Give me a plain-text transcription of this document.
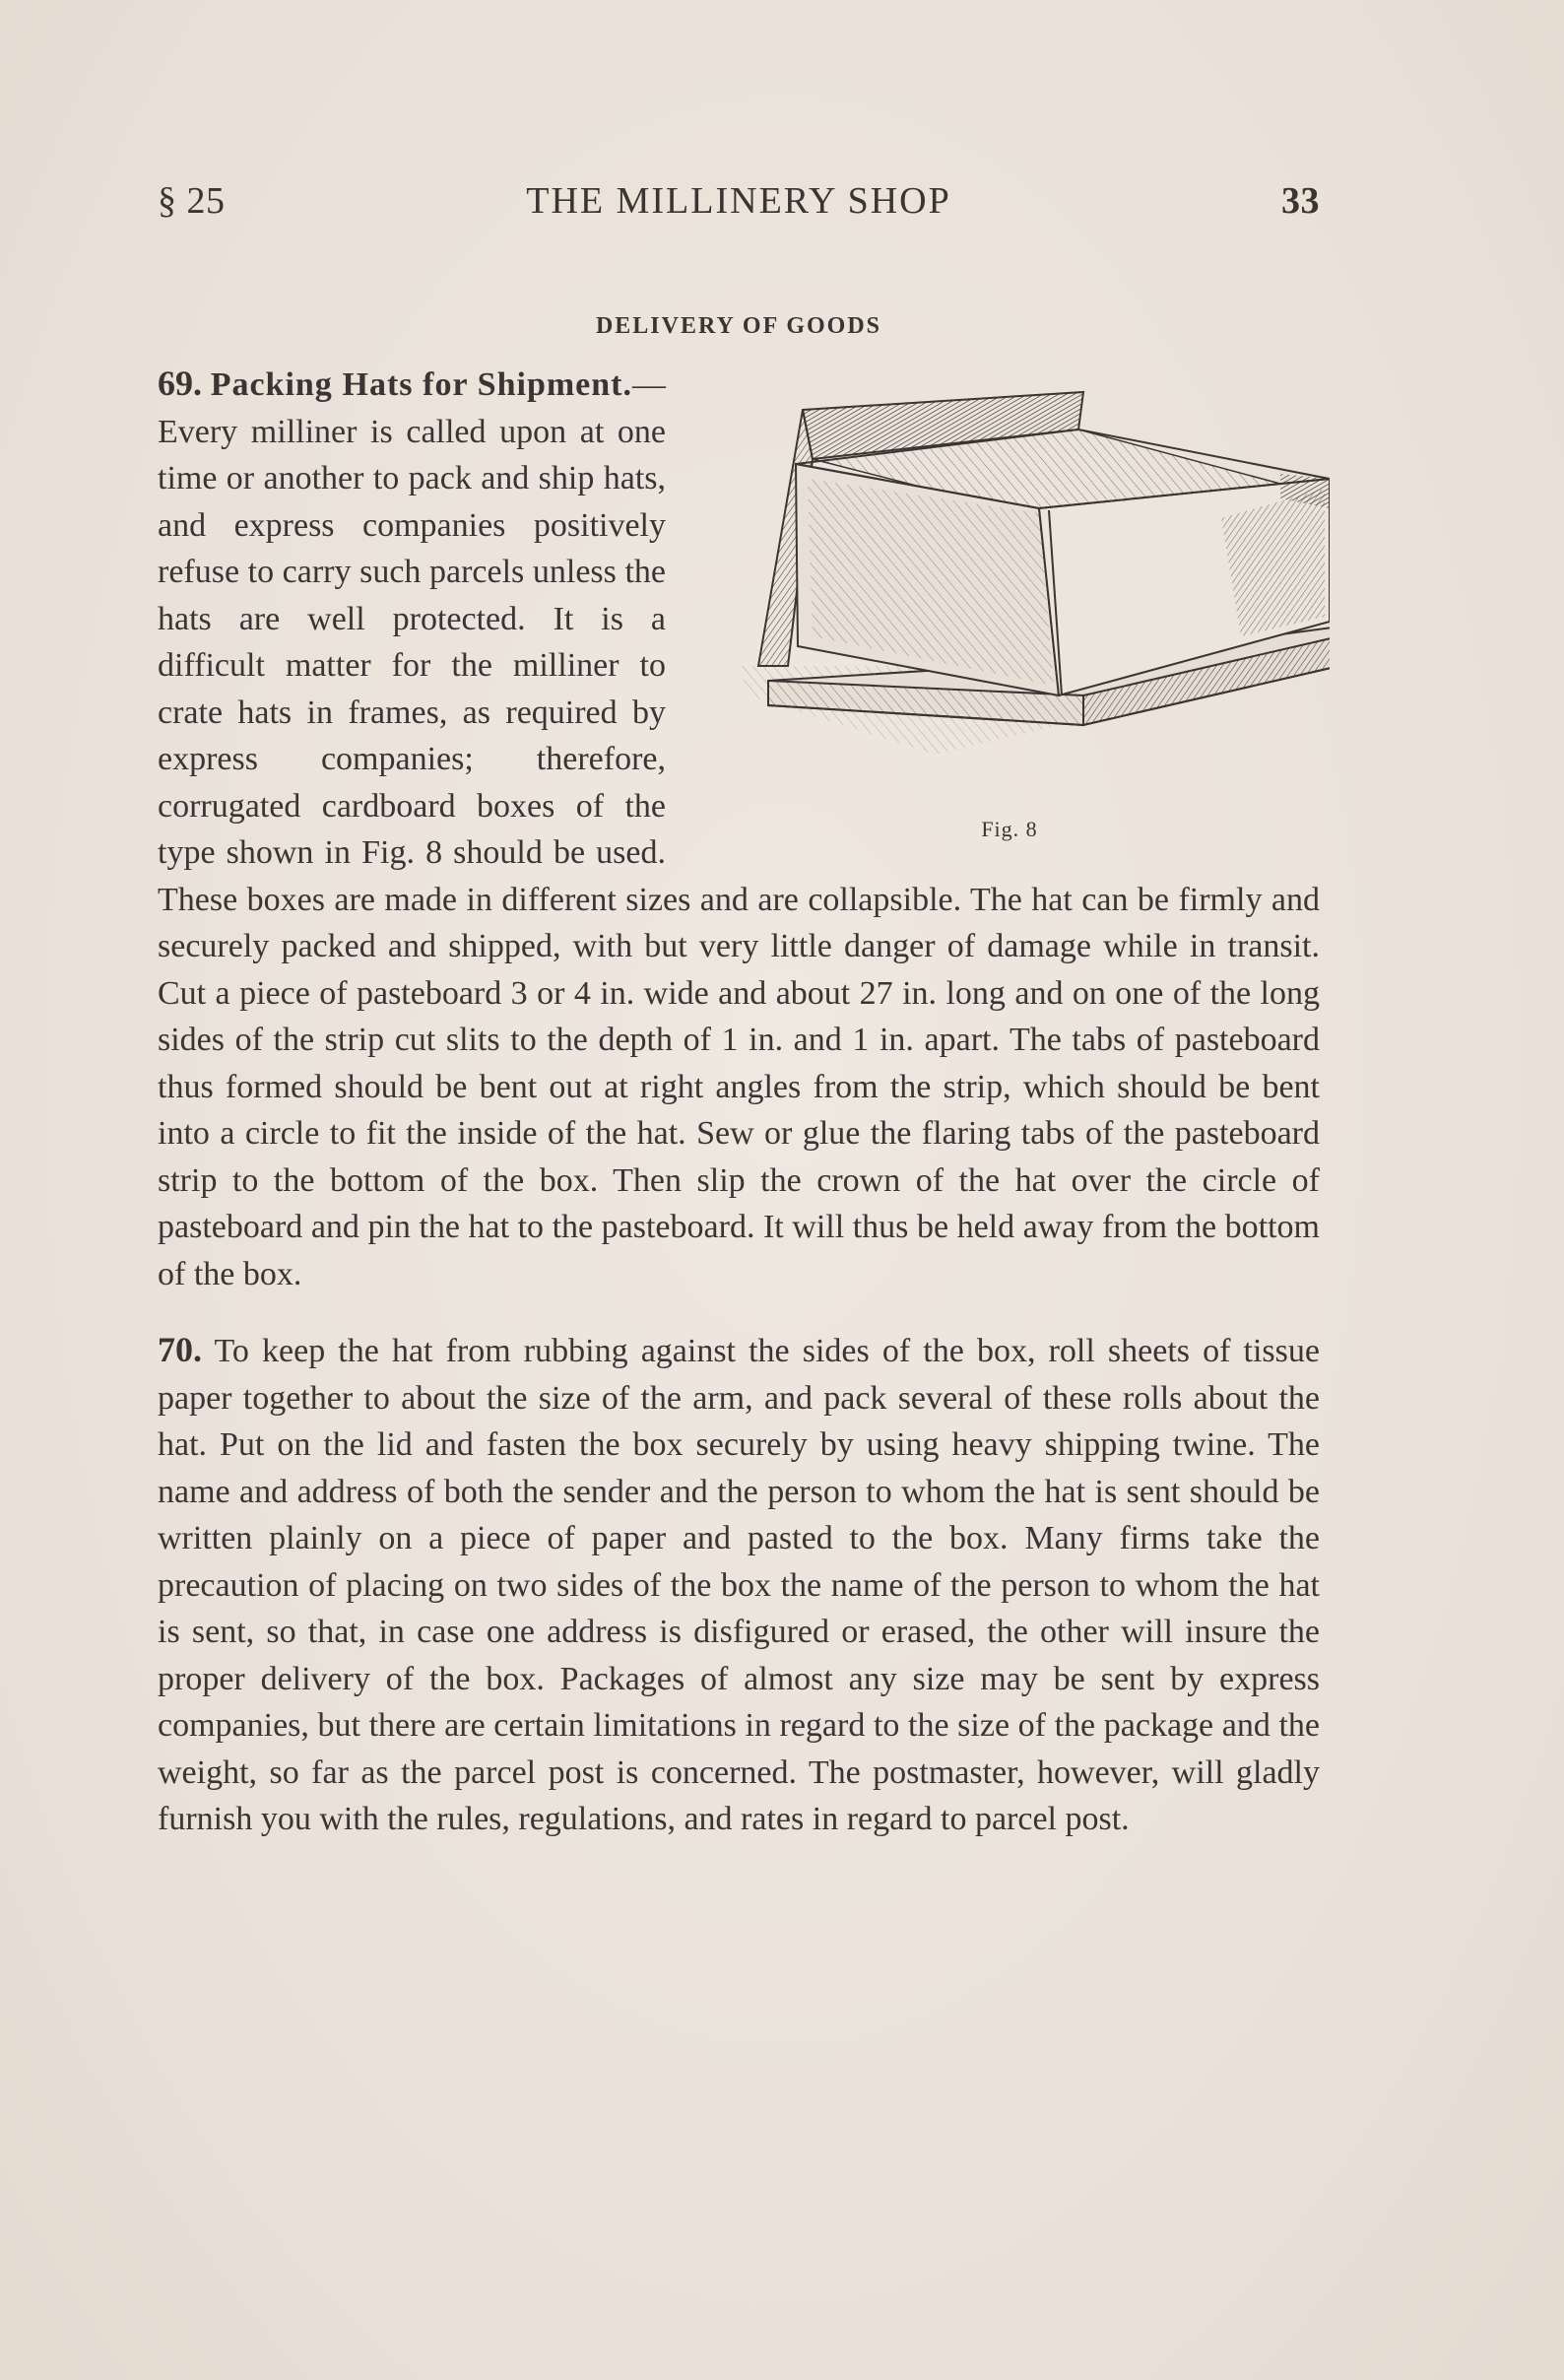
§ 25	THE MILLINERY SHOP	33
DELIVERY OF GOODS

Fig. 8
69. Packing Hats for Shipment.—Every milliner is called upon at one time or another to pack and ship hats, and express companies positively refuse to carry such parcels unless the hats are well protected. It is a difficult matter for the milliner to crate hats in frames, as required by express companies; therefore, corrugated cardboard boxes of the type shown in Fig. 8 should be used. These boxes are made in different sizes and are collapsible. The hat can be firmly and securely packed and shipped, with but very little danger of damage while in transit. Cut a piece of pasteboard 3 or 4 in. wide and about 27 in. long and on one of the long sides of the strip cut slits to the depth of 1 in. and 1 in. apart. The tabs of pasteboard thus formed should be bent out at right angles from the strip, which should be bent into a circle to fit the inside of the hat. Sew or glue the flaring tabs of the pasteboard strip to the bottom of the box. Then slip the crown of the hat over the circle of pasteboard and pin the hat to the pasteboard. It will thus be held away from the bottom of the box.

70. To keep the hat from rubbing against the sides of the box, roll sheets of tissue paper together to about the size of the arm, and pack several of these rolls about the hat. Put on the lid and fasten the box securely by using heavy shipping twine. The name and address of both the sender and the person to whom the hat is sent should be written plainly on a piece of paper and pasted to the box. Many firms take the precaution of placing on two sides of the box the name of the person to whom the hat is sent, so that, in case one address is disfigured or erased, the other will insure the proper delivery of the box. Packages of almost any size may be sent by express companies, but there are certain limitations in regard to the size of the package and the weight, so far as the parcel post is concerned. The postmaster, however, will gladly furnish you with the rules, regulations, and rates in regard to parcel post.
